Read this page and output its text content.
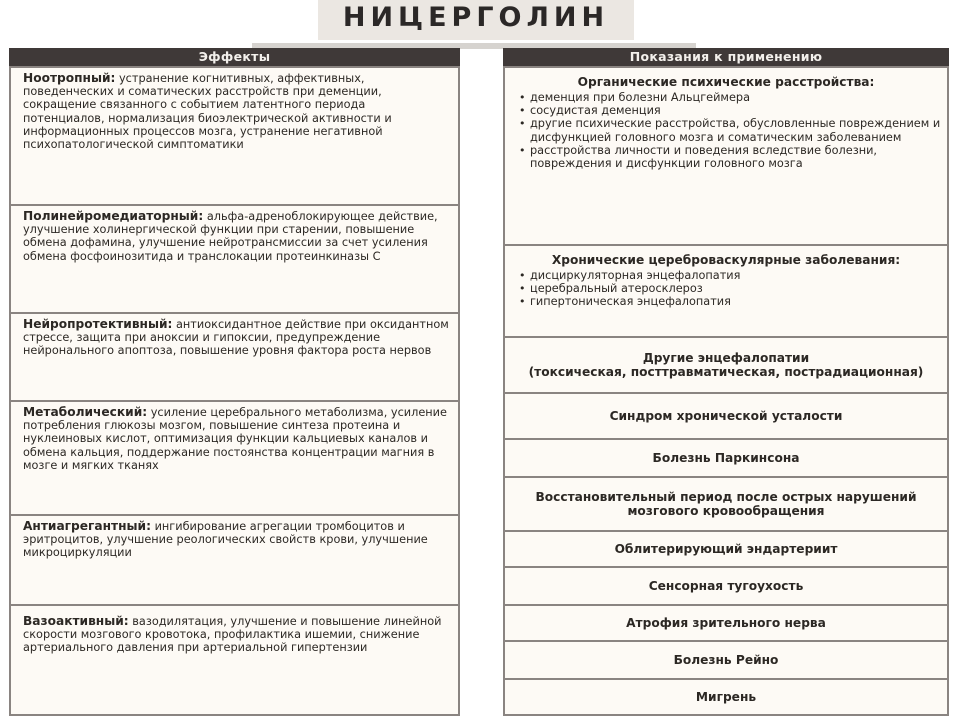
НИЦЕРГОЛИН
Эффекты
Ноотропный: устранение когнитивных, аффективных, поведенческих и соматических расстройств при деменции, сокращение связанного с событием латентного периода потенциалов, нормализация биоэлектрической активности и информационных процессов мозга, устранение негативной психопатологической симптоматики
Полинейромедиаторный: альфа-адреноблокирующее действие, улучшение холинергической функции при старении, повышение обмена дофамина, улучшение нейротрансмиссии за счет усиления обмена фосфоинозитида и транслокации протеинкиназы С
Нейропротективный: антиоксидантное действие при оксидантном стрессе, защита при аноксии и гипоксии, предупреждение нейронального апоптоза, повышение уровня фактора роста нервов
Метаболический: усиление церебрального метаболизма, усиление потребления глюкозы мозгом, повышение синтеза протеина и нуклеиновых кислот, оптимизация функции кальциевых каналов и обмена кальция, поддержание постоянства концентрации магния в мозге и мягких тканях
Антиагрегантный: ингибирование агрегации тромбоцитов и эритроцитов, улучшение реологических свойств крови, улучшение микроциркуляции
Вазоактивный: вазодилятация, улучшение и повышение линейной скорости мозгового кровотока, профилактика ишемии, снижение артериального давления при артериальной гипертензии
Показания к применению
Органические психические расстройства:
• деменция при болезни Альцгеймера
• сосудистая деменция
• другие психические расстройства, обусловленные повреждением и дисфункцией головного мозга и соматическим заболеванием
• расстройства личности и поведения вследствие болезни, повреждения и дисфункции головного мозга
Хронические цереброваскулярные заболевания:
• дисциркуляторная энцефалопатия
• церебральный атеросклероз
• гипертоническая энцефалопатия
Другие энцефалопатии
(токсическая, посттравматическая, пострадиационная)
Синдром хронической усталости
Болезнь Паркинсона
Восстановительный период после острых нарушений мозгового кровообращения
Облитерирующий эндартериит
Сенсорная тугоухость
Атрофия зрительного нерва
Болезнь Рейно
Мигрень
